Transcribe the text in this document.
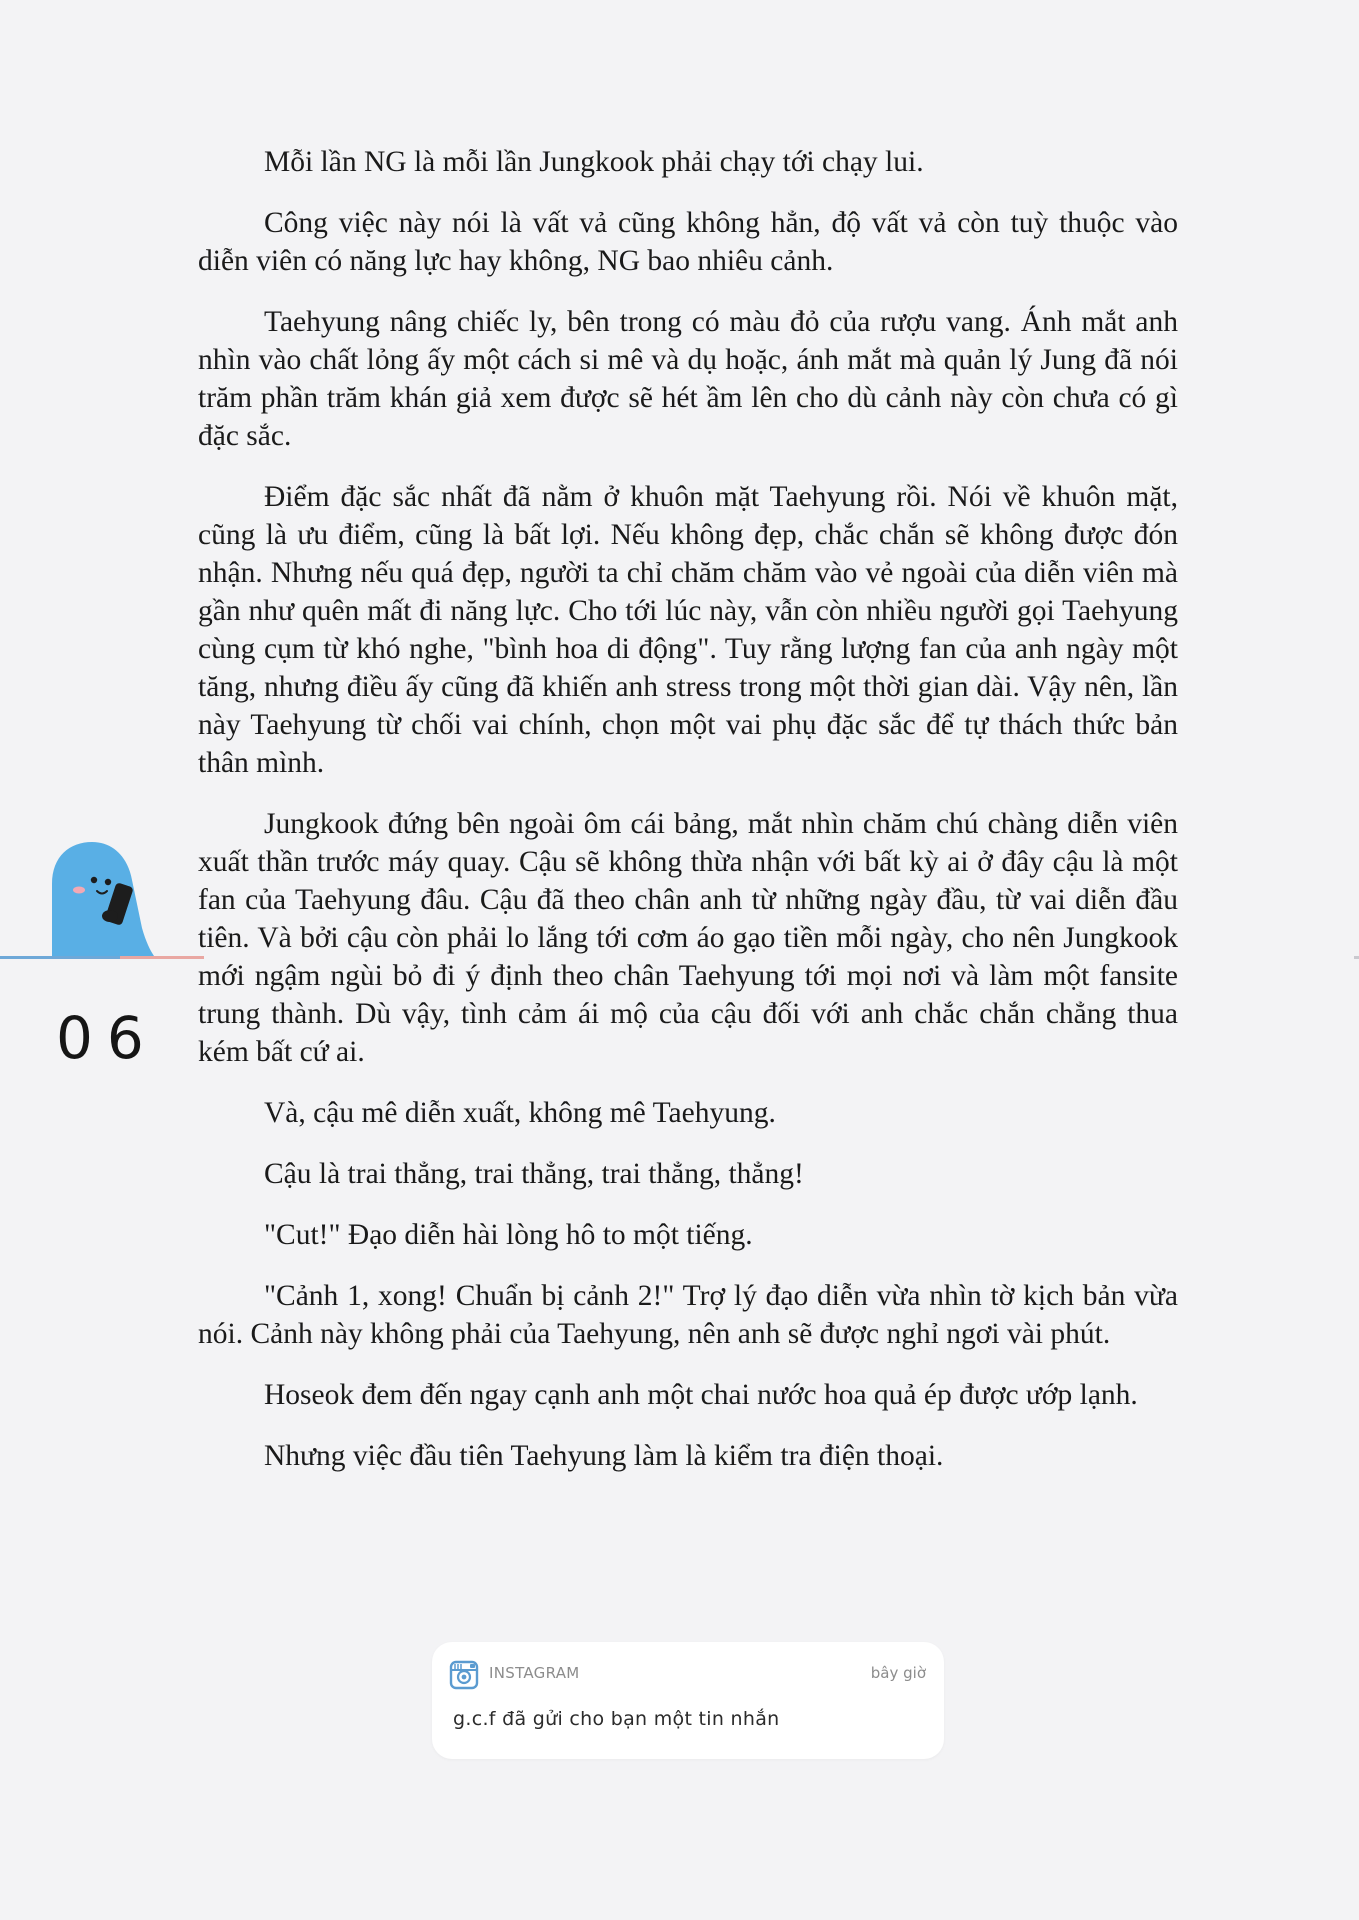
Mỗi lần NG là mỗi lần Jungkook phải chạy tới chạy lui.

Công việc này nói là vất vả cũng không hẳn, độ vất vả còn tuỳ thuộc vào diễn viên có năng lực hay không, NG bao nhiêu cảnh.

Taehyung nâng chiếc ly, bên trong có màu đỏ của rượu vang. Ánh mắt anh nhìn vào chất lỏng ấy một cách si mê và dụ hoặc, ánh mắt mà quản lý Jung đã nói trăm phần trăm khán giả xem được sẽ hét ầm lên cho dù cảnh này còn chưa có gì đặc sắc.

Điểm đặc sắc nhất đã nằm ở khuôn mặt Taehyung rồi. Nói về khuôn mặt, cũng là ưu điểm, cũng là bất lợi. Nếu không đẹp, chắc chắn sẽ không được đón nhận. Nhưng nếu quá đẹp, người ta chỉ chăm chăm vào vẻ ngoài của diễn viên mà gần như quên mất đi năng lực. Cho tới lúc này, vẫn còn nhiều người gọi Taehyung cùng cụm từ khó nghe, "bình hoa di động". Tuy rằng lượng fan của anh ngày một tăng, nhưng điều ấy cũng đã khiến anh stress trong một thời gian dài. Vậy nên, lần này Taehyung từ chối vai chính, chọn một vai phụ đặc sắc để tự thách thức bản thân mình.

Jungkook đứng bên ngoài ôm cái bảng, mắt nhìn chăm chú chàng diễn viên xuất thần trước máy quay. Cậu sẽ không thừa nhận với bất kỳ ai ở đây cậu là một fan của Taehyung đâu. Cậu đã theo chân anh từ những ngày đầu, từ vai diễn đầu tiên. Và bởi cậu còn phải lo lắng tới cơm áo gạo tiền mỗi ngày, cho nên Jungkook mới ngậm ngùi bỏ đi ý định theo chân Taehyung tới mọi nơi và làm một fansite trung thành. Dù vậy, tình cảm ái mộ của cậu đối với anh chắc chắn chẳng thua kém bất cứ ai.

Và, cậu mê diễn xuất, không mê Taehyung.

Cậu là trai thẳng, trai thẳng, trai thẳng, thẳng!

"Cut!" Đạo diễn hài lòng hô to một tiếng.

"Cảnh 1, xong! Chuẩn bị cảnh 2!" Trợ lý đạo diễn vừa nhìn tờ kịch bản vừa nói. Cảnh này không phải của Taehyung, nên anh sẽ được nghỉ ngơi vài phút.

Hoseok đem đến ngay cạnh anh một chai nước hoa quả ép được ướp lạnh.

Nhưng việc đầu tiên Taehyung làm là kiểm tra điện thoại.

06
INSTAGRAM	bây giờ
g.c.f đã gửi cho bạn một tin nhắn
